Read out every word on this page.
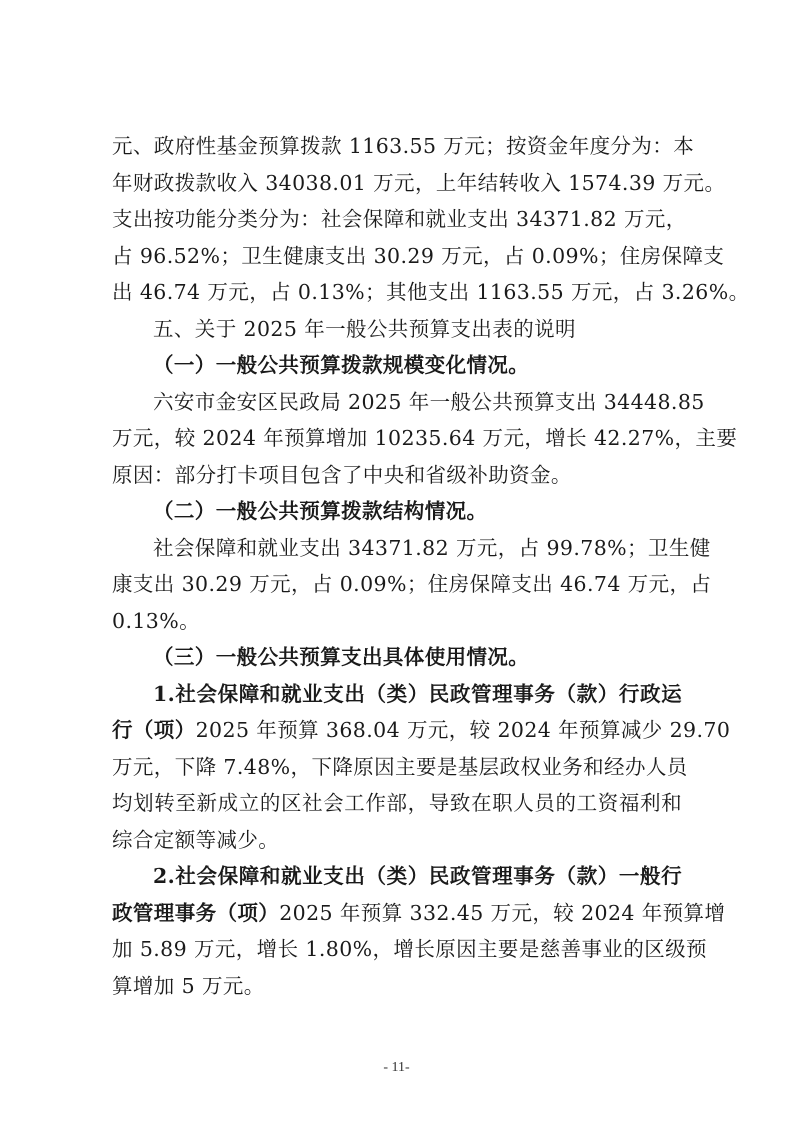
元、政府性基金预算拨款 1163.55 万元；按资金年度分为：本
年财政拨款收入 34038.01 万元，上年结转收入 1574.39 万元。
支出按功能分类分为：社会保障和就业支出 34371.82 万元，
占 96.52%；卫生健康支出 30.29 万元，占 0.09%；住房保障支
出 46.74 万元，占 0.13%；其他支出 1163.55 万元，占 3.26%。
五、关于 2025 年一般公共预算支出表的说明
（一）一般公共预算拨款规模变化情况。
六安市金安区民政局 2025 年一般公共预算支出 34448.85
万元，较 2024 年预算增加 10235.64 万元，增长 42.27%，主要
原因：部分打卡项目包含了中央和省级补助资金。
（二）一般公共预算拨款结构情况。
社会保障和就业支出 34371.82 万元，占 99.78%；卫生健
康支出 30.29 万元，占 0.09%；住房保障支出 46.74 万元，占
0.13%。
（三）一般公共预算支出具体使用情况。
1.社会保障和就业支出（类）民政管理事务（款）行政运
行（项）2025 年预算 368.04 万元，较 2024 年预算减少 29.70
万元，下降 7.48%，下降原因主要是基层政权业务和经办人员
均划转至新成立的区社会工作部，导致在职人员的工资福利和
综合定额等减少。
2.社会保障和就业支出（类）民政管理事务（款）一般行
政管理事务（项）2025 年预算 332.45 万元，较 2024 年预算增
加 5.89 万元，增长 1.80%，增长原因主要是慈善事业的区级预
算增加 5 万元。
- 11-
